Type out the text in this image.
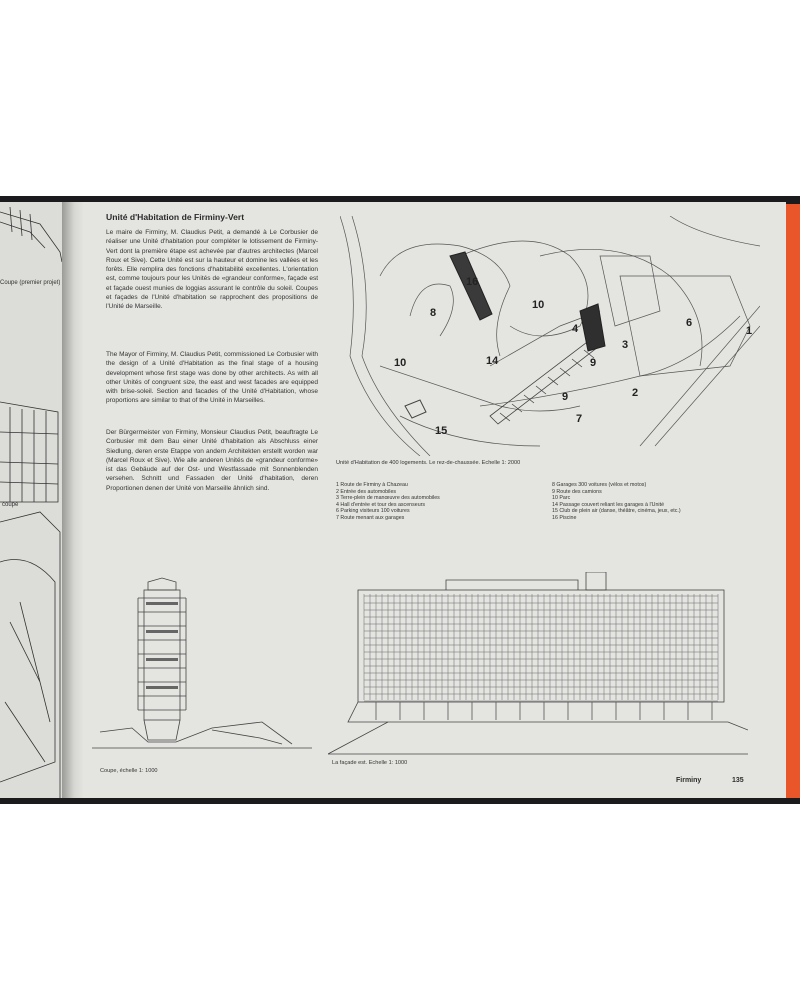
Coupe (premier projet)
coupe
Unité d'Habitation de Firminy-Vert
Le maire de Firminy, M. Claudius Petit, a demandé à Le Corbusier de réaliser une Unité d'habitation pour compléter le lotissement de Firminy-Vert dont la première étape est achevée par d'autres architectes (Marcel Roux et Sive). Cette Unité est sur la hauteur et domine les vallées et les forêts. Elle remplira des fonctions d'habitabilité excellentes. L'orientation est, comme toujours pour les Unités de «grandeur conforme», façade est et façade ouest munies de loggias assurant le contrôle du soleil. Coupes et façades de l'Unité d'habitation se rapprochent des propositions de l'Unité de Marseille.
The Mayor of Firminy, M. Claudius Petit, commissioned Le Corbusier with the design of a Unité d'Habitation as the final stage of a housing development whose first stage was done by other architects. As with all other Unités of congruent size, the east and west facades are equipped with brise-soleil. Section and facades of the Unité d'Habitation, whose proportions are similar to that of the Unité in Marseilles.
Der Bürgermeister von Firminy, Monsieur Claudius Petit, beauftragte Le Corbusier mit dem Bau einer Unité d'habitation als Abschluss einer Siedlung, deren erste Etappe von andern Architekten erstellt worden war (Marcel Roux et Sive). Wie alle anderen Unités de «grandeur conforme» ist das Gebäude auf der Ost- und Westfassade mit Sonnenblenden versehen. Schnitt und Fassaden der Unité d'habitation, deren Proportionen denen der Unité von Marseille ähnlich sind.
16
10
8
4
3
6
1
10	14	9
2
9
7
15
Unité d'Habitation de 400 logements. Le rez-de-chaussée. Echelle 1: 2000
1 Route de Firminy à Chazeau
2 Entrée des automobiles
3 Terre-plein de manœuvre des automobiles
4 Hall d'entrée et tour des ascenseurs
6 Parking visiteurs 100 voitures
7 Route menant aux garages
8 Garages 300 voitures (vélos et motos)
9 Route des camions
10 Parc
14 Passage couvert reliant les garages à l'Unité
15 Club de plein air (danse, théâtre, cinéma, jeux, etc.)
16 Piscine
Coupe, échelle 1: 1000
La façade est. Echelle 1: 1000
Firminy	135
